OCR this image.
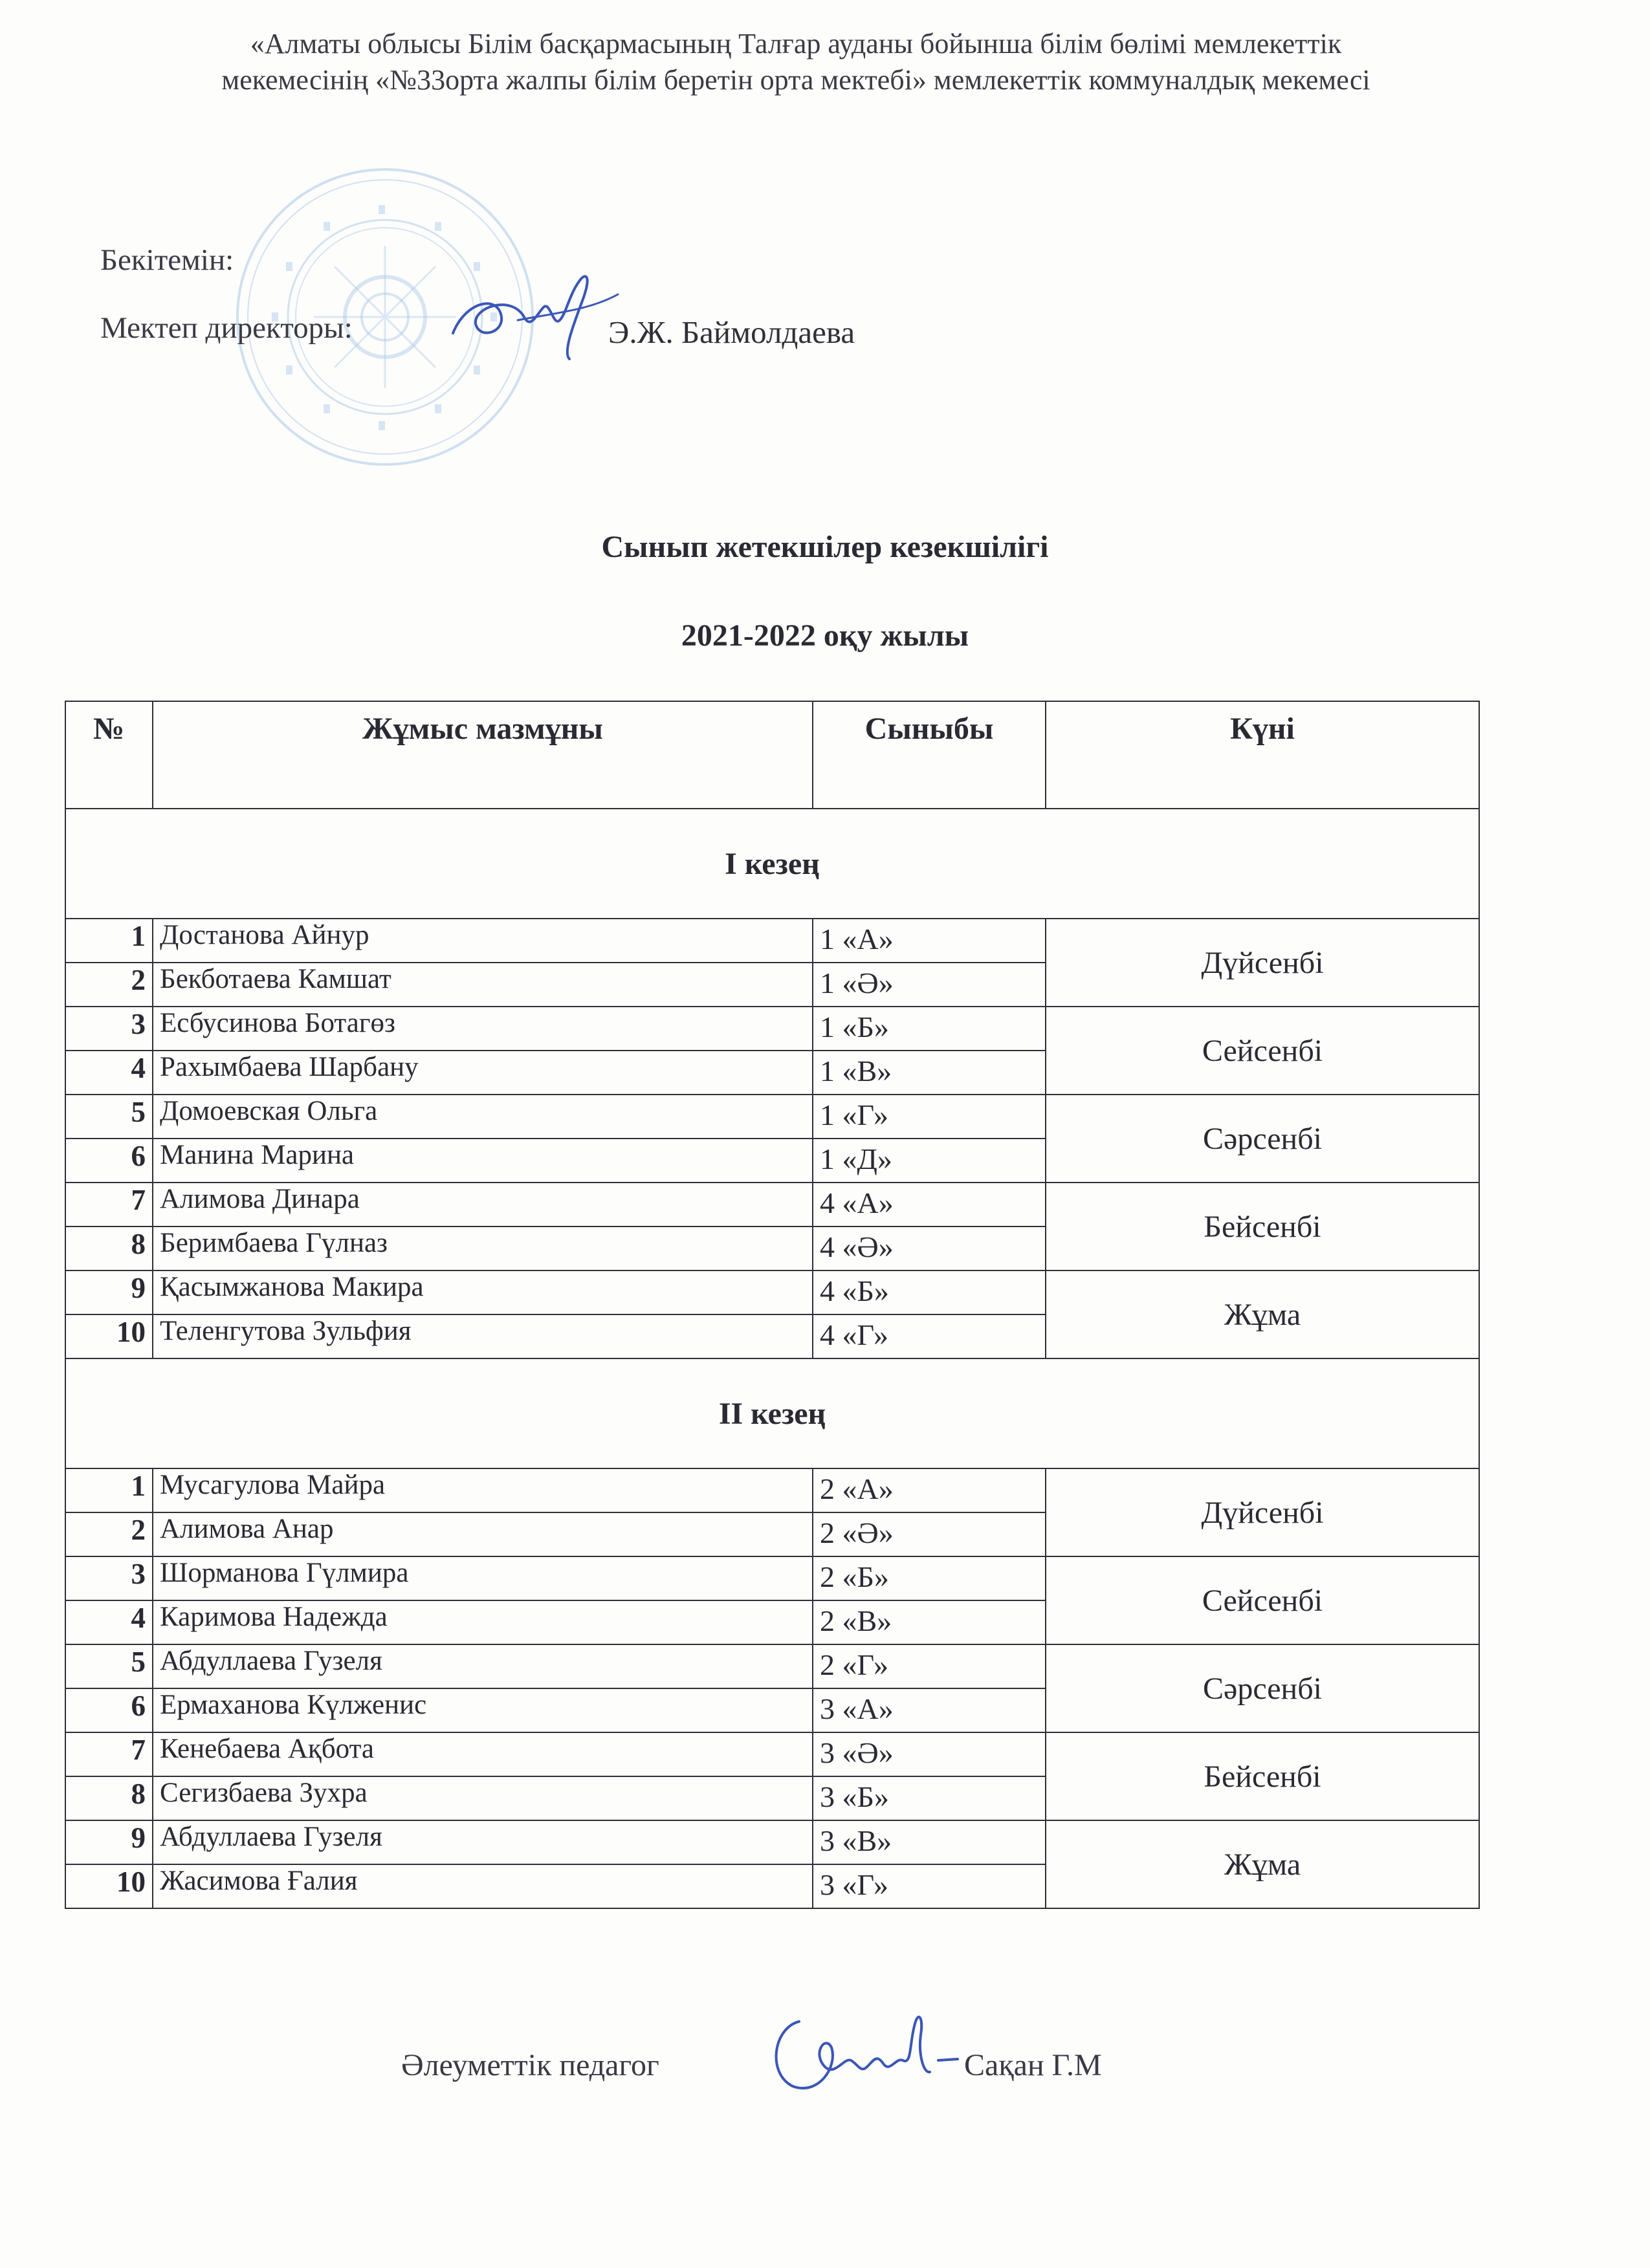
«Алматы облысы Білім басқармасының Талғар ауданы бойынша білім бөлімі мемлекеттік
мекемесінің «№33орта жалпы білім беретін орта мектебі» мемлекеттік коммуналдық мекемесі
Бекітемін:
Мектеп директоры:	Э.Ж. Баймолдаева
Сынып жетекшілер кезекшілігі
2021-2022 оқу жылы
№	Жұмыс мазмұны	Сыныбы	Күні
I кезең			
1	Достанова Айнур	1 «А»	Дүйсенбі
2	Бекботаева Камшат	1 «Ә»	
3	Есбусинова Ботагөз	1 «Б»	Сейсенбі
4	Рахымбаева Шарбану	1 «В»	
5	Домоевская Ольга	1 «Г»	Сәрсенбі
6	Манина Марина	1 «Д»	
7	Алимова Динара	4 «А»	Бейсенбі
8	Беримбаева Гүлназ	4 «Ә»	
9	Қасымжанова Макира	4 «Б»	Жұма
10	Теленгутова Зульфия	4 «Г»	
II кезең			
1	Мусагулова Майра	2 «А»	Дүйсенбі
2	Алимова Анар	2 «Ә»	
3	Шорманова Гүлмира	2 «Б»	Сейсенбі
4	Каримова Надежда	2 «В»	
5	Абдуллаева Гузеля	2 «Г»	Сәрсенбі
6	Ермаханова Күлженис	3 «А»	
7	Кенебаева Ақбота	3 «Ә»	Бейсенбі
8	Сегизбаева Зухра	3 «Б»	
9	Абдуллаева Гузеля	3 «В»	Жұма
10	Жасимова Ғалия	3 «Г»	
Әлеуметтік педагог	Сақан Г.М
